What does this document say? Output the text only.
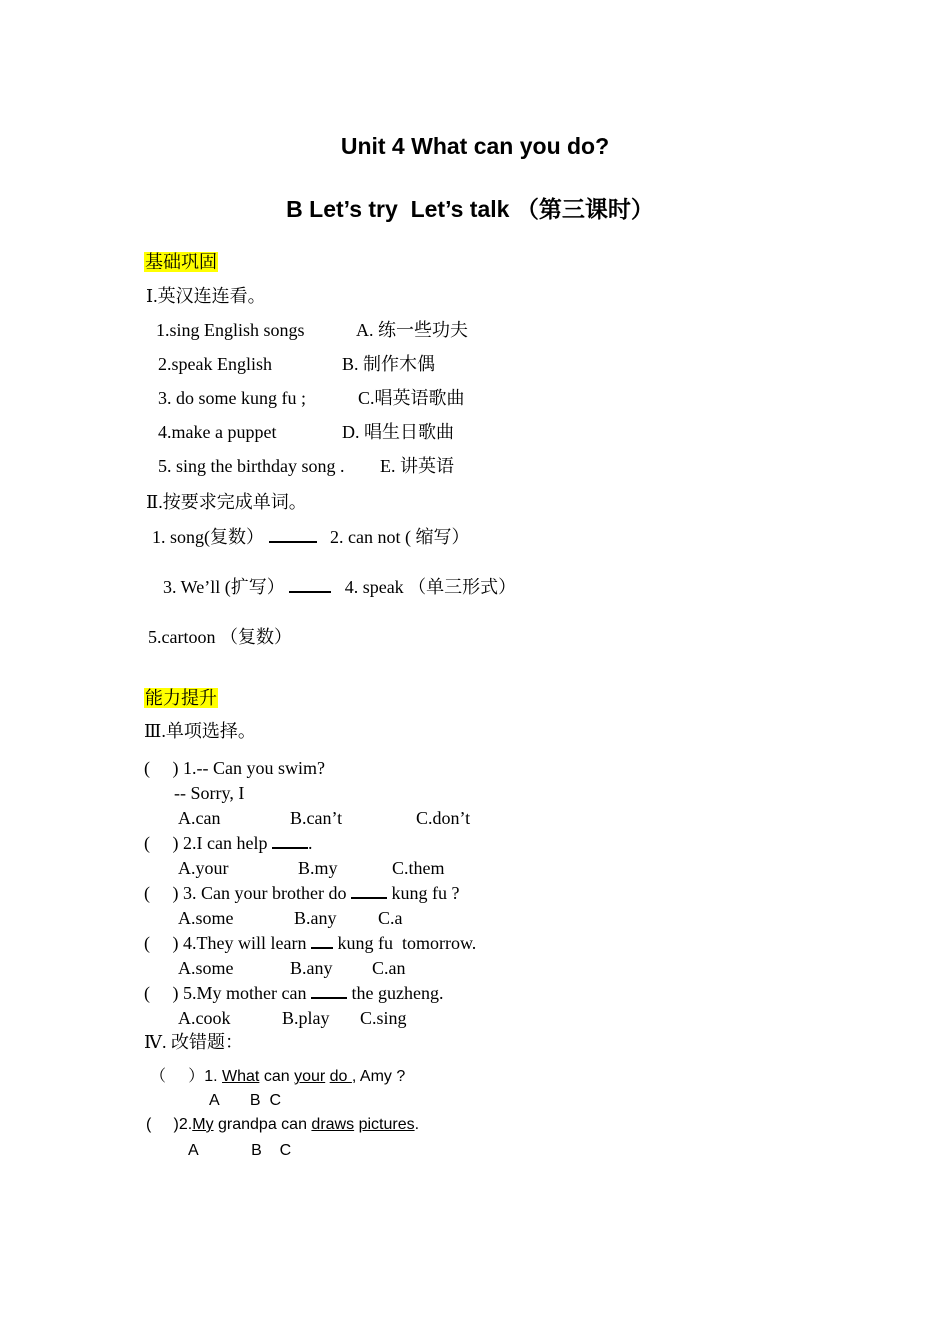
Unit 4 What can you do?
B Let’s try  Let’s talk （第三课时）
基础巩固
Ⅰ.英汉连连看。
1.sing English songs	A. 练一些功夫
2.speak English	B. 制作木偶
3. do some kung fu ;	C.唱英语歌曲
4.make a puppet	D. 唱生日歌曲
5. sing the birthday song . E. 讲英语
Ⅱ.按要求完成单词。
1. song(复数）	2. can not ( 缩写）
3. We’ll (扩写）	4. speak （单三形式）
5.cartoon （复数）
能力提升
Ⅲ.单项选择。
(     ) 1.-- Can you swim?
-- Sorry, I
A.can	B.can’t	C.don’t
(     ) 2.I can help .
A.your	B.my	C.them
(     ) 3. Can your brother do  kung fu ?
A.some	B.any C.a
(     ) 4.They will learn  kung fu  tomorrow.
A.some	B.any C.an
(     ) 5.My mother can  the guzheng.
A.cook	B.play C.sing
Ⅳ. 改错题：
（     ）1. What can your do , Amy ?
A       B  C
(     )2.My grandpa can draws pictures.
A            B    C
